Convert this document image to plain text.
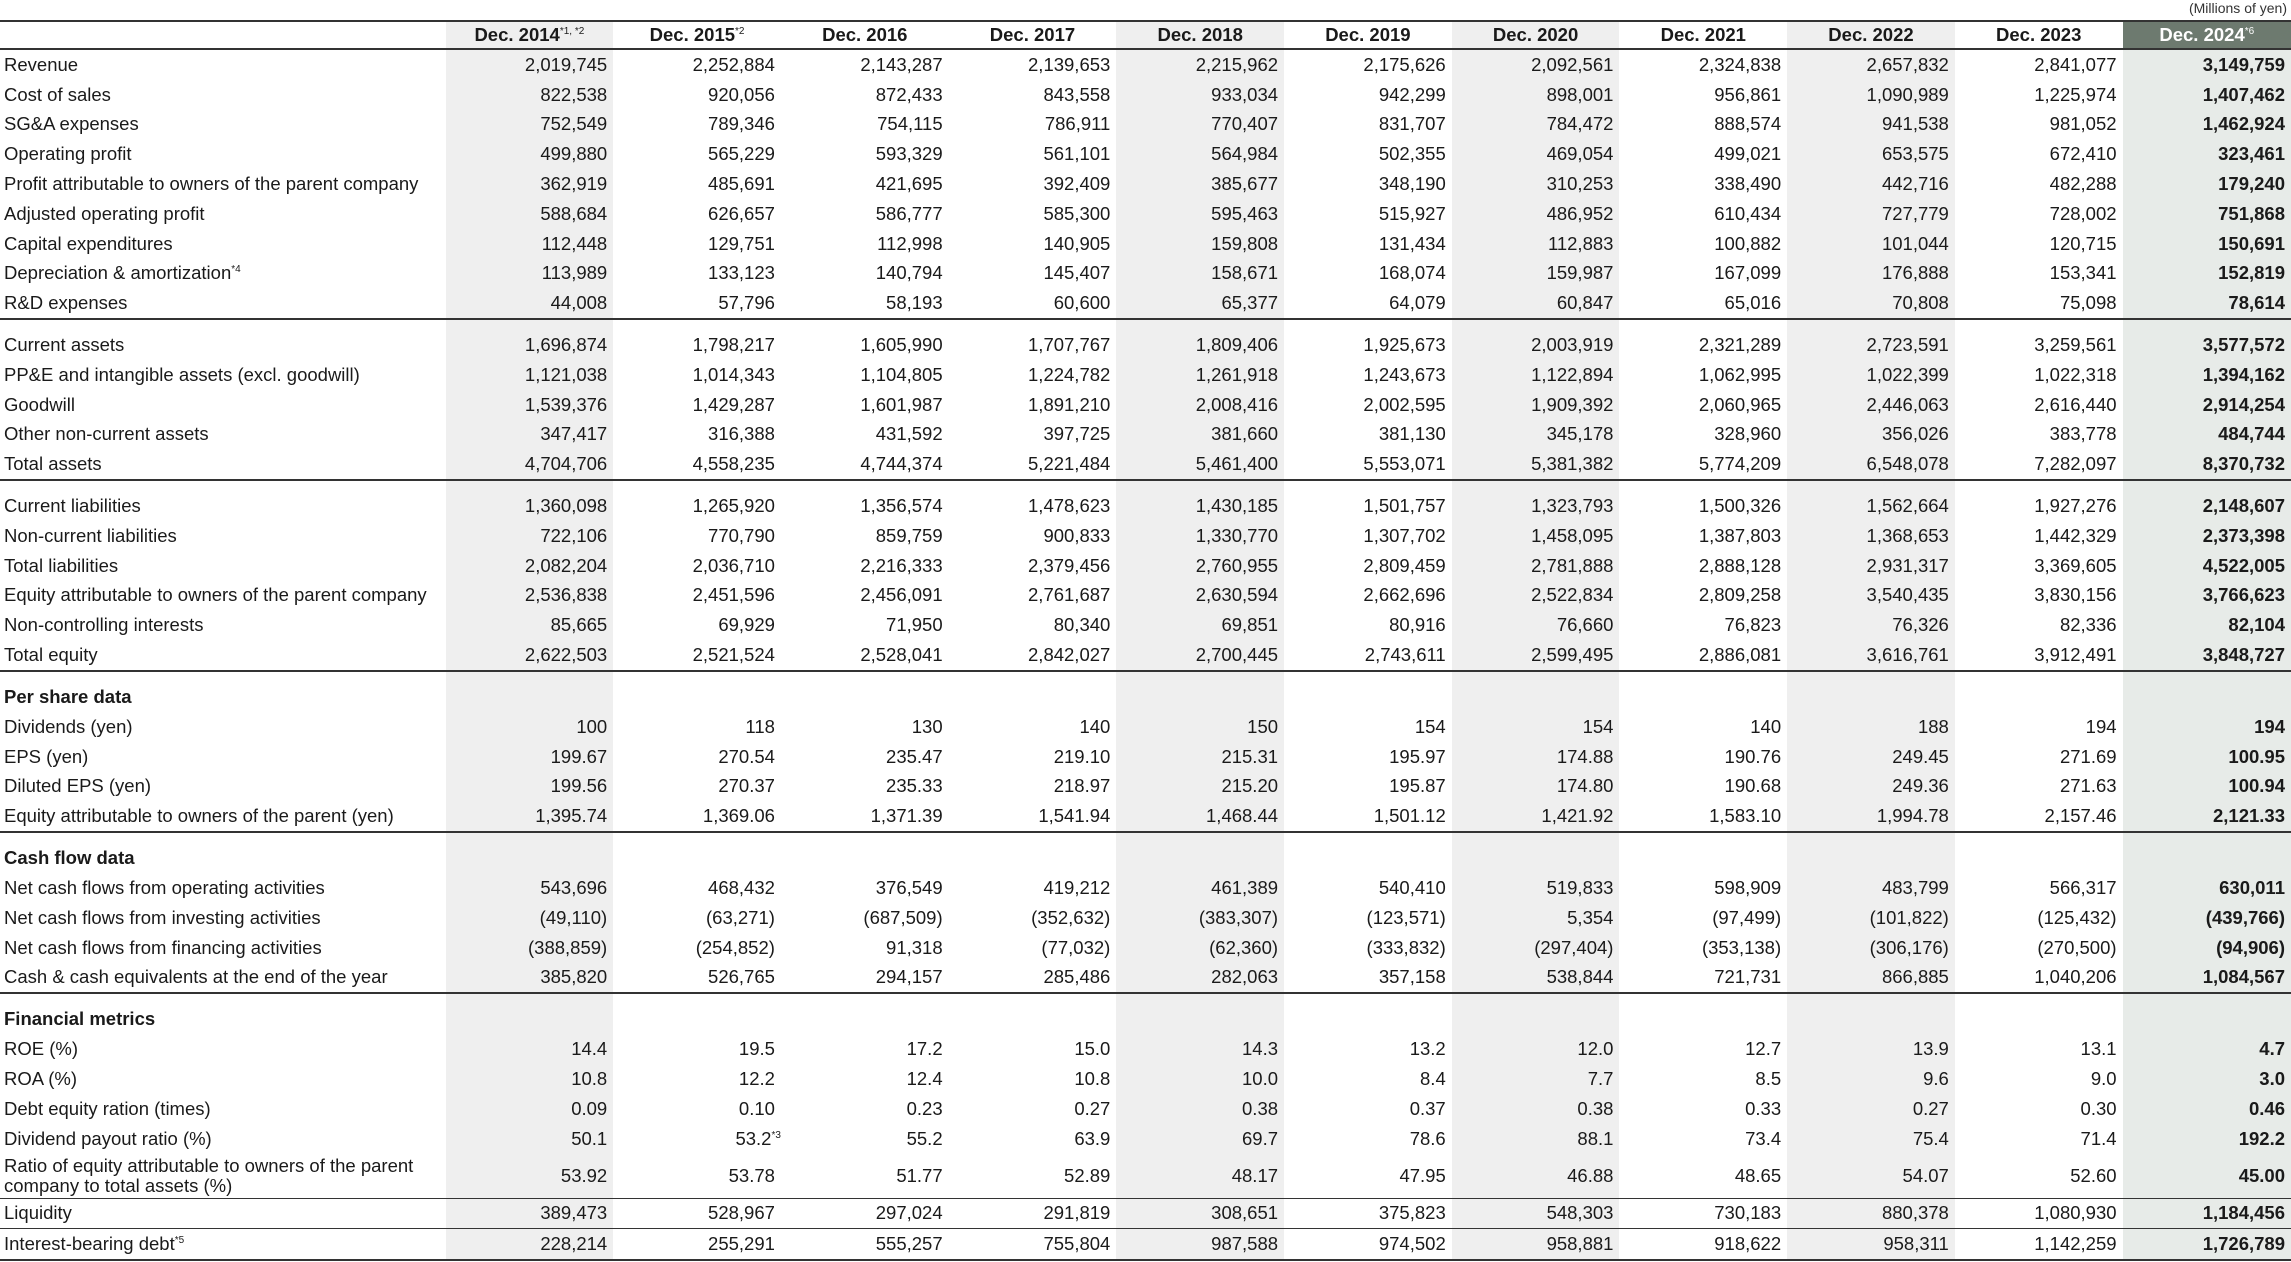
(Millions of yen)
	Dec. $2014^{*1, *2}$	Dec. 2015$^{*2}$	Dec. 2016	Dec. 2017	Dec. 2018	Dec. 2019	Dec. 2020	Dec. 2021	Dec. 2022	Dec. 2023	Dec. 2024$^{*6}$
Revenue	2,019,745	2,252,884	2,143,287	2,139,653	2,215,962	2,175,626	2,092,561	2,324,838	2,657,832	2,841,077	3,149,759
Cost of sales	822,538	920,056	872,433	843,558	933,034	942,299	898,001	956,861	1,090,989	1,225,974	1,407,462
SG&A expenses	752,549	789,346	754,115	786,911	770,407	831,707	784,472	888,574	941,538	981,052	1,462,924
Operating profit	499,880	565,229	593,329	561,101	564,984	502,355	469,054	499,021	653,575	672,410	323,461
Profit attributable to owners of the parent company	362,919	485,691	421,695	392,409	385,677	348,190	310,253	338,490	442,716	482,288	179,240
Adjusted operating profit	588,684	626,657	586,777	585,300	595,463	515,927	486,952	610,434	727,779	728,002	751,868
Capital expenditures	112,448	129,751	112,998	140,905	159,808	131,434	112,883	100,882	101,044	120,715	150,691
Depreciation & amortization$^{*4}$	113,989	133,123	140,794	145,407	158,671	168,074	159,987	167,099	176,888	153,341	152,819
R&D expenses	44,008	57,796	58,193	60,600	65,377	64,079	60,847	65,016	70,808	75,098	78,614

Current assets	1,696,874	1,798,217	1,605,990	1,707,767	1,809,406	1,925,673	2,003,919	2,321,289	2,723,591	3,259,561	3,577,572
PP&E and intangible assets (excl. goodwill)	1,121,038	1,014,343	1,104,805	1,224,782	1,261,918	1,243,673	1,122,894	1,062,995	1,022,399	1,022,318	1,394,162
Goodwill	1,539,376	1,429,287	1,601,987	1,891,210	2,008,416	2,002,595	1,909,392	2,060,965	2,446,063	2,616,440	2,914,254
Other non-current assets	347,417	316,388	431,592	397,725	381,660	381,130	345,178	328,960	356,026	383,778	484,744
Total assets	4,704,706	4,558,235	4,744,374	5,221,484	5,461,400	5,553,071	5,381,382	5,774,209	6,548,078	7,282,097	8,370,732

Current liabilities	1,360,098	1,265,920	1,356,574	1,478,623	1,430,185	1,501,757	1,323,793	1,500,326	1,562,664	1,927,276	2,148,607
Non-current liabilities	722,106	770,790	859,759	900,833	1,330,770	1,307,702	1,458,095	1,387,803	1,368,653	1,442,329	2,373,398
Total liabilities	2,082,204	2,036,710	2,216,333	2,379,456	2,760,955	2,809,459	2,781,888	2,888,128	2,931,317	3,369,605	4,522,005
Equity attributable to owners of the parent company	2,536,838	2,451,596	2,456,091	2,761,687	2,630,594	2,662,696	2,522,834	2,809,258	3,540,435	3,830,156	3,766,623
Non-controlling interests	85,665	69,929	71,950	80,340	69,851	80,916	76,660	76,823	76,326	82,336	82,104
Total equity	2,622,503	2,521,524	2,528,041	2,842,027	2,700,445	2,743,611	2,599,495	2,886,081	3,616,761	3,912,491	3,848,727

Per share data											
Dividends (yen)	100	118	130	140	150	154	154	140	188	194	194
EPS (yen)	199.67	270.54	235.47	219.10	215.31	195.97	174.88	190.76	249.45	271.69	100.95
Diluted EPS (yen)	199.56	270.37	235.33	218.97	215.20	195.87	174.80	190.68	249.36	271.63	100.94
Equity attributable to owners of the parent (yen)	1,395.74	1,369.06	1,371.39	1,541.94	1,468.44	1,501.12	1,421.92	1,583.10	1,994.78	2,157.46	2,121.33

Cash flow data											
Net cash flows from operating activities	543,696	468,432	376,549	419,212	461,389	540,410	519,833	598,909	483,799	566,317	630,011
Net cash flows from investing activities	(49,110)	(63,271)	(687,509)	(352,632)	(383,307)	(123,571)	5,354	(97,499)	(101,822)	(125,432)	(439,766)
Net cash flows from financing activities	(388,859)	(254,852)	91,318	(77,032)	(62,360)	(333,832)	(297,404)	(353,138)	(306,176)	(270,500)	(94,906)
Cash & cash equivalents at the end of the year	385,820	526,765	294,157	285,486	282,063	357,158	538,844	721,731	866,885	1,040,206	1,084,567

Financial metrics											
ROE (%)	14.4	19.5	17.2	15.0	14.3	13.2	12.0	12.7	13.9	13.1	4.7
ROA (%)	10.8	12.2	12.4	10.8	10.0	8.4	7.7	8.5	9.6	9.0	3.0
Debt equity ration (times)	0.09	0.10	0.23	0.27	0.38	0.37	0.38	0.33	0.27	0.30	0.46
Dividend payout ratio (%)	50.1	53.2$^{*3}$	55.2	63.9	69.7	78.6	88.1	73.4	75.4	71.4	192.2
Ratio of equity attributable to owners of the parent company to total assets (%)	53.92	53.78	51.77	52.89	48.17	47.95	46.88	48.65	54.07	52.60	45.00
Liquidity	389,473	528,967	297,024	291,819	308,651	375,823	548,303	730,183	880,378	1,080,930	1,184,456
Interest-bearing debt$^{*5}$	228,214	255,291	555,257	755,804	987,588	974,502	958,881	918,622	958,311	1,142,259	1,726,789
